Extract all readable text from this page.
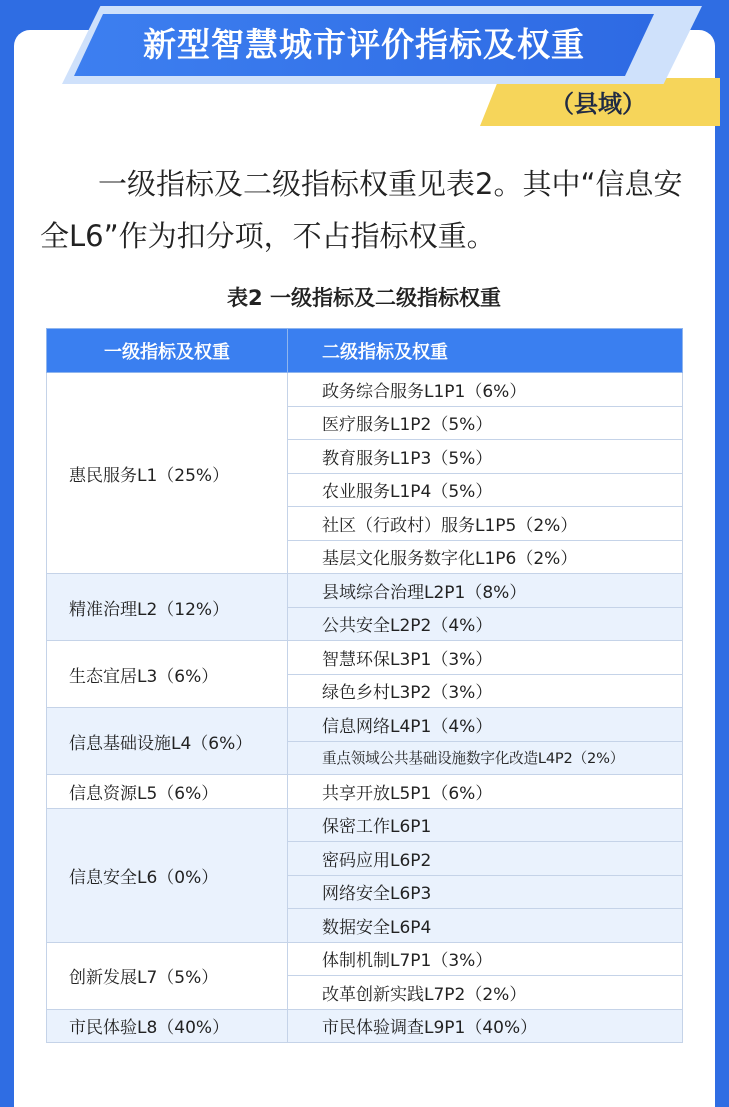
新型智慧城市评价指标及权重
（县域）

一级指标及二级指标权重见表2。其中“信息安全L6”作为扣分项，不占指标权重。

表2 一级指标及二级指标权重
一级指标及权重	二级指标及权重
惠民服务L1（25%）	政务综合服务L1P1（6%）
	医疗服务L1P2（5%）
	教育服务L1P3（5%）
	农业服务L1P4（5%）
	社区（行政村）服务L1P5（2%）
	基层文化服务数字化L1P6（2%）
精准治理L2（12%）	县域综合治理L2P1（8%）
	公共安全L2P2（4%）
生态宜居L3（6%）	智慧环保L3P1（3%）
	绿色乡村L3P2（3%）
信息基础设施L4（6%）	信息网络L4P1（4%）
	重点领域公共基础设施数字化改造L4P2（2%）
信息资源L5（6%）	共享开放L5P1（6%）
信息安全L6（0%）	保密工作L6P1
	密码应用L6P2
	网络安全L6P3
	数据安全L6P4
创新发展L7（5%）	体制机制L7P1（3%）
	改革创新实践L7P2（2%）
市民体验L8（40%）	市民体验调查L9P1（40%）
